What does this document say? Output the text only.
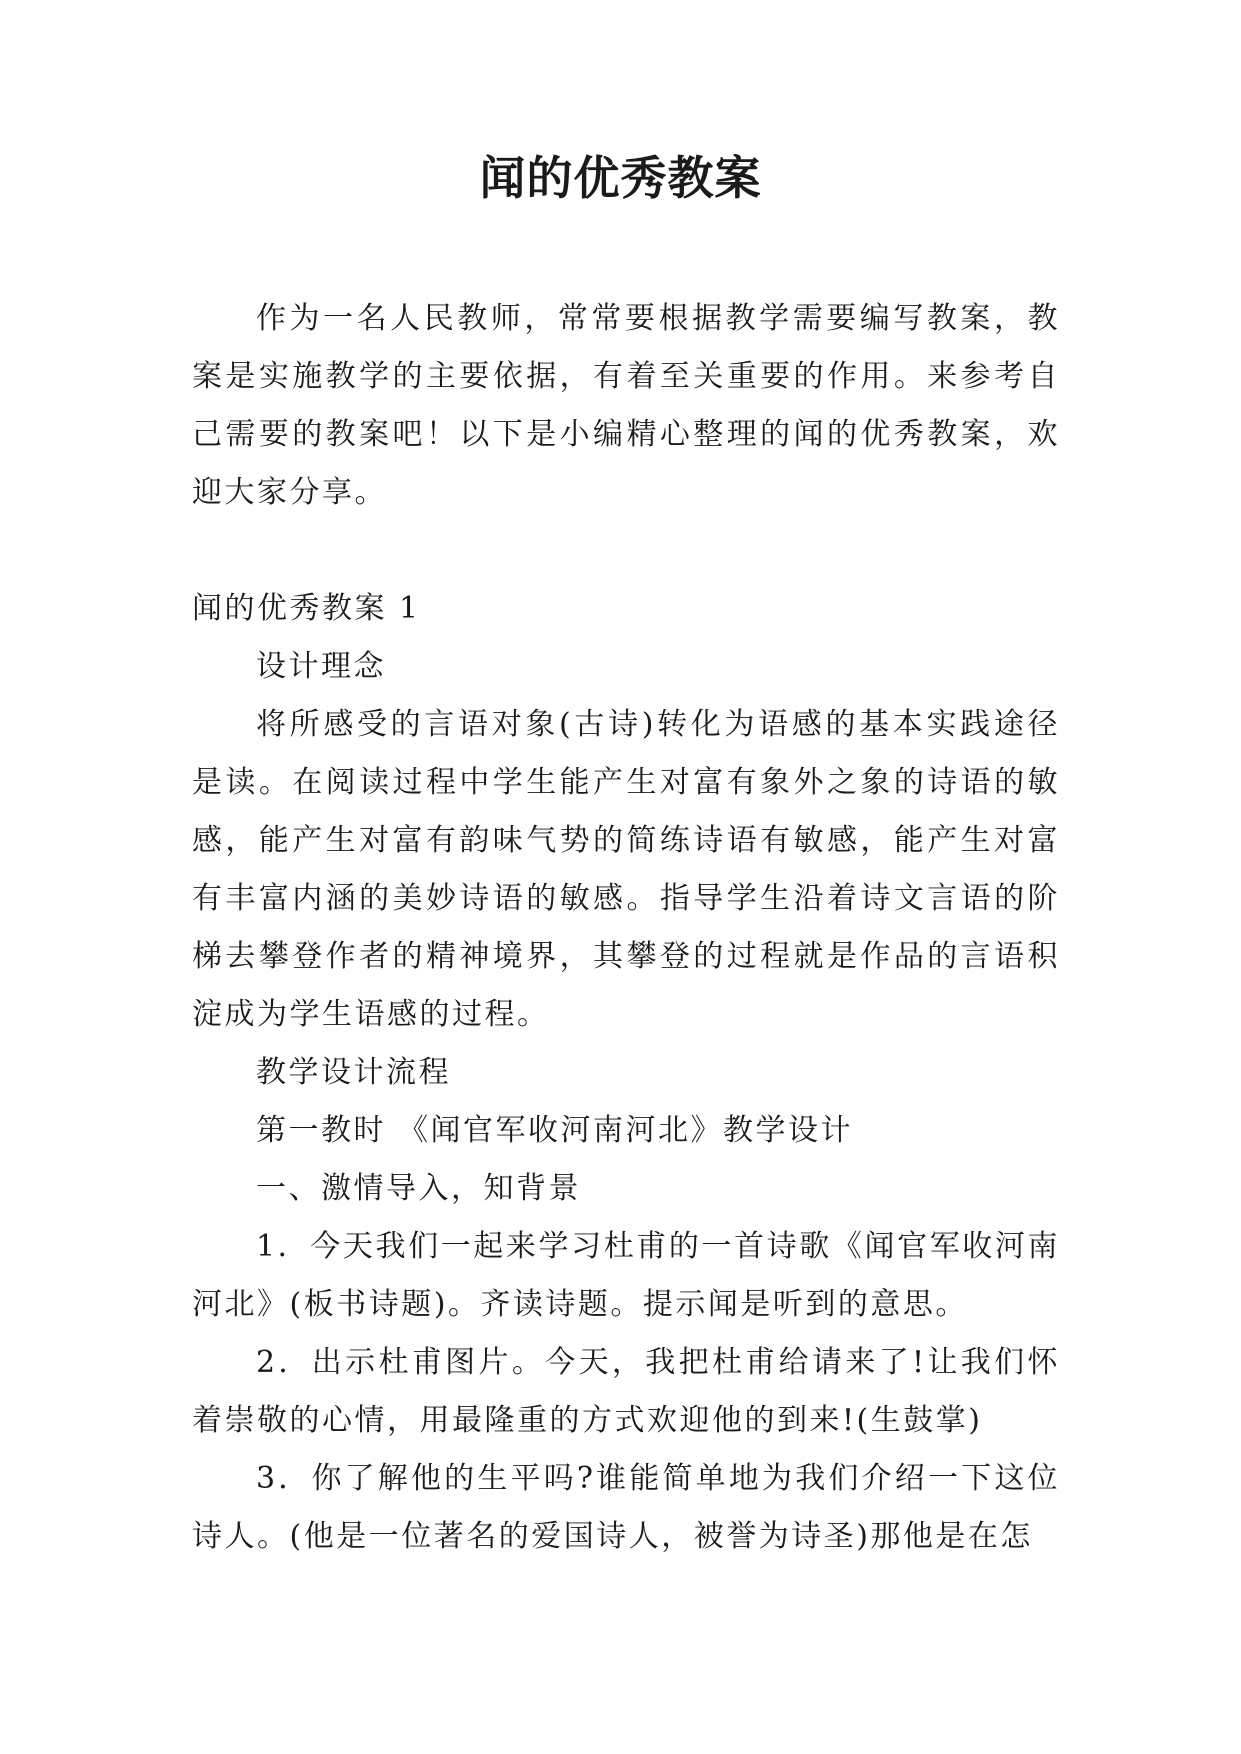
闻的优秀教案

作为一名人民教师，常常要根据教学需要编写教案，教案是实施教学的主要依据，有着至关重要的作用。来参考自己需要的教案吧！以下是小编精心整理的闻的优秀教案，欢迎大家分享。

闻的优秀教案 1

设计理念

将所感受的言语对象(古诗)转化为语感的基本实践途径是读。在阅读过程中学生能产生对富有象外之象的诗语的敏感，能产生对富有韵味气势的简练诗语有敏感，能产生对富有丰富内涵的美妙诗语的敏感。指导学生沿着诗文言语的阶梯去攀登作者的精神境界，其攀登的过程就是作品的言语积淀成为学生语感的过程。

教学设计流程

第一教时 《闻官军收河南河北》教学设计

一、激情导入，知背景

1．今天我们一起来学习杜甫的一首诗歌《闻官军收河南河北》(板书诗题)。齐读诗题。提示闻是听到的意思。

2．出示杜甫图片。今天，我把杜甫给请来了!让我们怀着崇敬的心情，用最隆重的方式欢迎他的到来!(生鼓掌)

3．你了解他的生平吗?谁能简单地为我们介绍一下这位诗人。(他是一位著名的爱国诗人，被誉为诗圣)那他是在怎
